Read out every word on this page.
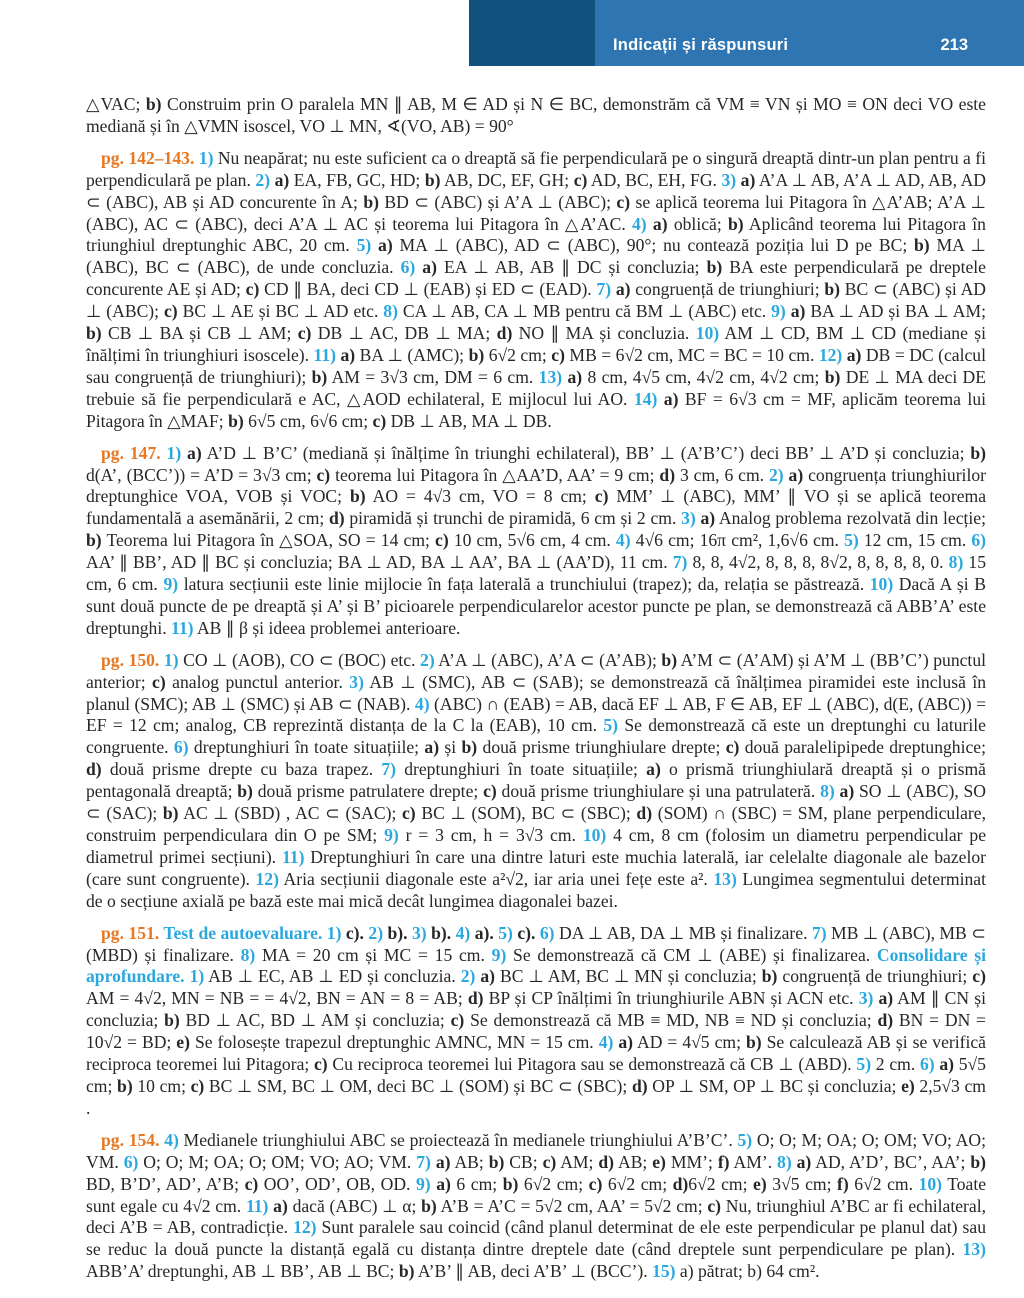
Indicații și răspunsuri	213

△VAC; b) Construim prin O paralela MN ∥ AB, M ∈ AD și N ∈ BC, demonstrăm că VM ≡ VN și MO ≡ ON deci VO este mediană și în △VMN isoscel, VO ⊥ MN, ∢(VO, AB) = 90°

pg. 142–143. 1) Nu neapărat; nu este suficient ca o dreaptă să fie perpendiculară pe o singură dreaptă dintr-un plan pentru a fi perpendiculară pe plan. 2) a) EA, FB, GC, HD; b) AB, DC, EF, GH; c) AD, BC, EH, FG. 3) a) A’A ⊥ AB, A’A ⊥ AD, AB, AD ⊂ (ABC), AB și AD concurente în A; b) BD ⊂ (ABC) și A’A ⊥ (ABC); c) se aplică teorema lui Pitagora în △A’AB; A’A ⊥ (ABC), AC ⊂ (ABC), deci A’A ⊥ AC și teorema lui Pitagora în △A’AC. 4) a) oblică; b) Aplicând teorema lui Pitagora în triunghiul dreptunghic ABC, 20 cm. 5) a) MA ⊥ (ABC), AD ⊂ (ABC), 90°; nu contează poziția lui D pe BC; b) MA ⊥ (ABC), BC ⊂ (ABC), de unde concluzia. 6) a) EA ⊥ AB, AB ∥ DC și concluzia; b) BA este perpendiculară pe dreptele concurente AE și AD; c) CD ∥ BA, deci CD ⊥ (EAB) și ED ⊂ (EAD). 7) a) congruență de triunghiuri; b) BC ⊂ (ABC) și AD ⊥ (ABC); c) BC ⊥ AE și BC ⊥ AD etc. 8) CA ⊥ AB, CA ⊥ MB pentru că BM ⊥ (ABC) etc. 9) a) BA ⊥ AD și BA ⊥ AM; b) CB ⊥ BA și CB ⊥ AM; c) DB ⊥ AC, DB ⊥ MA; d) NO ∥ MA și concluzia. 10) AM ⊥ CD, BM ⊥ CD (mediane și înălțimi în triunghiuri isoscele). 11) a) BA ⊥ (AMC); b) 6√2 cm; c) MB = 6√2 cm, MC = BC = 10 cm. 12) a) DB = DC (calcul sau congruență de triunghiuri); b) AM = 3√3 cm, DM = 6 cm. 13) a) 8 cm, 4√5 cm, 4√2 cm, 4√2 cm; b) DE ⊥ MA deci DE trebuie să fie perpendiculară e AC, △AOD echilateral, E mijlocul lui AO. 14) a) BF = 6√3 cm = MF, aplicăm teorema lui Pitagora în △MAF; b) 6√5 cm, 6√6 cm; c) DB ⊥ AB, MA ⊥ DB.

pg. 147. 1) a) A’D ⊥ B’C’ (mediană și înălțime în triunghi echilateral), BB’ ⊥ (A’B’C’) deci BB’ ⊥ A’D și concluzia; b) d(A’, (BCC’)) = A’D = 3√3 cm; c) teorema lui Pitagora în △AA’D, AA’ = 9 cm; d) 3 cm, 6 cm. 2) a) congruența triunghiurilor dreptunghice VOA, VOB și VOC; b) AO = 4√3 cm, VO = 8 cm; c) MM’ ⊥ (ABC), MM’ ∥ VO și se aplică teorema fundamentală a asemănării, 2 cm; d) piramidă și trunchi de piramidă, 6 cm și 2 cm. 3) a) Analog problema rezolvată din lecție; b) Teorema lui Pitagora în △SOA, SO = 14 cm; c) 10 cm, 5√6 cm, 4 cm. 4) 4√6 cm; 16π cm², 1,6√6 cm. 5) 12 cm, 15 cm. 6) AA’ ∥ BB’, AD ∥ BC și concluzia; BA ⊥ AD, BA ⊥ AA’, BA ⊥ (AA’D), 11 cm. 7) 8, 8, 4√2, 8, 8, 8, 8√2, 8, 8, 8, 8, 0. 8) 15 cm, 6 cm. 9) latura secțiunii este linie mijlocie în fața laterală a trunchiului (trapez); da, relația se păstrează. 10) Dacă A și B sunt două puncte de pe dreaptă și A’ și B’ picioarele perpendicularelor acestor puncte pe plan, se demonstrează că ABB’A’ este dreptunghi. 11) AB ∥ β și ideea problemei anterioare.

pg. 150. 1) CO ⊥ (AOB), CO ⊂ (BOC) etc. 2) A’A ⊥ (ABC), A’A ⊂ (A’AB); b) A’M ⊂ (A’AM) și A’M ⊥ (BB’C’) punctul anterior; c) analog punctul anterior. 3) AB ⊥ (SMC), AB ⊂ (SAB); se demonstrează că înălțimea piramidei este inclusă în planul (SMC); AB ⊥ (SMC) și AB ⊂ (NAB). 4) (ABC) ∩ (EAB) = AB, dacă EF ⊥ AB, F ∈ AB, EF ⊥ (ABC), d(E, (ABC)) = EF = 12 cm; analog, CB reprezintă distanța de la C la (EAB), 10 cm. 5) Se demonstrează că este un dreptunghi cu laturile congruente. 6) dreptunghiuri în toate situațiile; a) și b) două prisme triunghiulare drepte; c) două paralelipipede dreptunghice; d) două prisme drepte cu baza trapez. 7) dreptunghiuri în toate situațiile; a) o prismă triunghiulară dreaptă și o prismă pentagonală dreaptă; b) două prisme patrulatere drepte; c) două prisme triunghiulare și una patrulateră. 8) a) SO ⊥ (ABC), SO ⊂ (SAC); b) AC ⊥ (SBD) , AC ⊂ (SAC); c) BC ⊥ (SOM), BC ⊂ (SBC); d) (SOM) ∩ (SBC) = SM, plane perpendiculare, construim perpendiculara din O pe SM; 9) r = 3 cm, h = 3√3 cm. 10) 4 cm, 8 cm (folosim un diametru perpendicular pe diametrul primei secțiuni). 11) Dreptunghiuri în care una dintre laturi este muchia laterală, iar celelalte diagonale ale bazelor (care sunt congruente). 12) Aria secțiunii diagonale este a²√2, iar aria unei fețe este a². 13) Lungimea segmentului determinat de o secțiune axială pe bază este mai mică decât lungimea diagonalei bazei.

pg. 151. Test de autoevaluare. 1) c). 2) b). 3) b). 4) a). 5) c). 6) DA ⊥ AB, DA ⊥ MB și finalizare. 7) MB ⊥ (ABC), MB ⊂ (MBD) și finalizare. 8) MA = 20 cm și MC = 15 cm. 9) Se demonstrează că CM ⊥ (ABE) și finalizarea. Consolidare și aprofundare. 1) AB ⊥ EC, AB ⊥ ED și concluzia. 2) a) BC ⊥ AM, BC ⊥ MN și concluzia; b) congruență de triunghiuri; c) AM = 4√2, MN = NB = = 4√2, BN = AN = 8 = AB; d) BP și CP înălțimi în triunghiurile ABN și ACN etc. 3) a) AM ∥ CN și concluzia; b) BD ⊥ AC, BD ⊥ AM și concluzia; c) Se demonstrează că MB ≡ MD, NB ≡ ND și concluzia; d) BN = DN = 10√2 = BD; e) Se folosește trapezul dreptunghic AMNC, MN = 15 cm. 4) a) AD = 4√5 cm; b) Se calculează AB și se verifică reciproca teoremei lui Pitagora; c) Cu reciproca teoremei lui Pitagora sau se demonstrează că CB ⊥ (ABD). 5) 2 cm. 6) a) 5√5 cm; b) 10 cm; c) BC ⊥ SM, BC ⊥ OM, deci BC ⊥ (SOM) și BC ⊂ (SBC); d) OP ⊥ SM, OP ⊥ BC și concluzia; e) 2,5√3 cm .

pg. 154. 4) Medianele triunghiului ABC se proiectează în medianele triunghiului A’B’C’. 5) O; O; M; OA; O; OM; VO; AO; VM. 6) O; O; M; OA; O; OM; VO; AO; VM. 7) a) AB; b) CB; c) AM; d) AB; e) MM’; f) AM’. 8) a) AD, A’D’, BC’, AA’; b) BD, B’D’, AD’, A’B; c) OO’, OD’, OB, OD. 9) a) 6 cm; b) 6√2 cm; c) 6√2 cm; d)6√2 cm; e) 3√5 cm; f) 6√2 cm. 10) Toate sunt egale cu 4√2 cm. 11) a) dacă (ABC) ⊥ α; b) A’B = A’C = 5√2 cm, AA’ = 5√2 cm; c) Nu, triunghiul A’BC ar fi echilateral, deci A’B = AB, contradicție. 12) Sunt paralele sau coincid (când planul determinat de ele este perpendicular pe planul dat) sau se reduc la două puncte la distanță egală cu distanța dintre dreptele date (când dreptele sunt perpendiculare pe plan). 13) ABB’A’ dreptunghi, AB ⊥ BB’, AB ⊥ BC; b) A’B’ ∥ AB, deci A’B’ ⊥ (BCC’). 15) a) pătrat; b) 64 cm².
